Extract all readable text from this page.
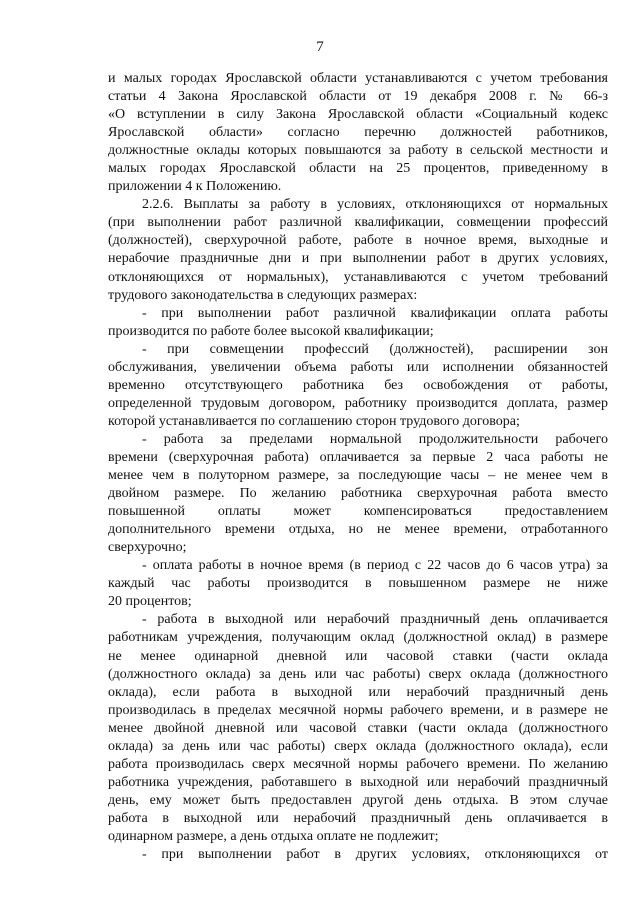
7
и малых городах Ярославской области устанавливаются с учетом требования
статьи 4 Закона Ярославской области от 19 декабря 2008 г. № 66-з
«О вступлении в силу Закона Ярославской области «Социальный кодекс
Ярославской области» согласно перечню должностей работников,
должностные оклады которых повышаются за работу в сельской местности и
малых городах Ярославской области на 25 процентов, приведенному в
приложении 4 к Положению.
2.2.6. Выплаты за работу в условиях, отклоняющихся от нормальных
(при выполнении работ различной квалификации, совмещении профессий
(должностей), сверхурочной работе, работе в ночное время, выходные и
нерабочие праздничные дни и при выполнении работ в других условиях,
отклоняющихся от нормальных), устанавливаются с учетом требований
трудового законодательства в следующих размерах:
- при выполнении работ различной квалификации оплата работы
производится по работе более высокой квалификации;
- при совмещении профессий (должностей), расширении зон
обслуживания, увеличении объема работы или исполнении обязанностей
временно отсутствующего работника без освобождения от работы,
определенной трудовым договором, работнику производится доплата, размер
которой устанавливается по соглашению сторон трудового договора;
- работа за пределами нормальной продолжительности рабочего
времени (сверхурочная работа) оплачивается за первые 2 часа работы не
менее чем в полуторном размере, за последующие часы – не менее чем в
двойном размере. По желанию работника сверхурочная работа вместо
повышенной оплаты может компенсироваться предоставлением
дополнительного времени отдыха, но не менее времени, отработанного
сверхурочно;
- оплата работы в ночное время (в период с 22 часов до 6 часов утра) за
каждый час работы производится в повышенном размере не ниже
20 процентов;
- работа в выходной или нерабочий праздничный день оплачивается
работникам учреждения, получающим оклад (должностной оклад) в размере
не менее одинарной дневной или часовой ставки (части оклада
(должностного оклада) за день или час работы) сверх оклада (должностного
оклада), если работа в выходной или нерабочий праздничный день
производилась в пределах месячной нормы рабочего времени, и в размере не
менее двойной дневной или часовой ставки (части оклада (должностного
оклада) за день или час работы) сверх оклада (должностного оклада), если
работа производилась сверх месячной нормы рабочего времени. По желанию
работника учреждения, работавшего в выходной или нерабочий праздничный
день, ему может быть предоставлен другой день отдыха. В этом случае
работа в выходной или нерабочий праздничный день оплачивается в
одинарном размере, а день отдыха оплате не подлежит;
- при выполнении работ в других условиях, отклоняющихся от
